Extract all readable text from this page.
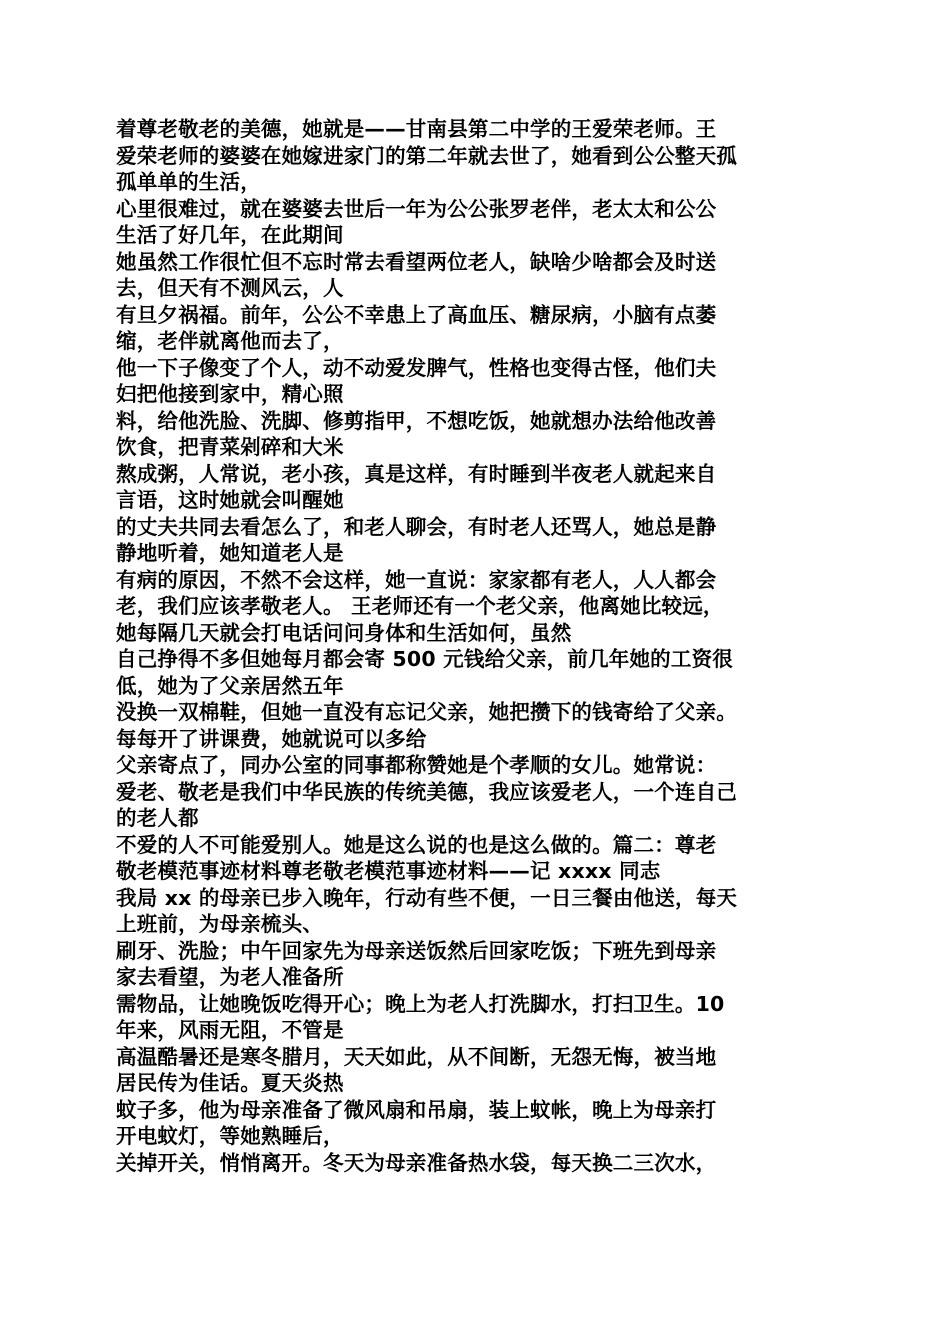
着尊老敬老的美德，她就是——甘南县第二中学的王爱荣老师。王
爱荣老师的婆婆在她嫁进家门的第二年就去世了，她看到公公整天孤
孤单单的生活，
心里很难过，就在婆婆去世后一年为公公张罗老伴，老太太和公公
生活了好几年，在此期间
她虽然工作很忙但不忘时常去看望两位老人，缺啥少啥都会及时送
去，但天有不测风云，人
有旦夕祸福。前年，公公不幸患上了高血压、糖尿病，小脑有点萎
缩，老伴就离他而去了，
他一下子像变了个人，动不动爱发脾气，性格也变得古怪，他们夫
妇把他接到家中，精心照
料，给他洗脸、洗脚、修剪指甲，不想吃饭，她就想办法给他改善
饮食，把青菜剁碎和大米
熬成粥，人常说，老小孩，真是这样，有时睡到半夜老人就起来自
言语，这时她就会叫醒她
的丈夫共同去看怎么了，和老人聊会，有时老人还骂人，她总是静
静地听着，她知道老人是
有病的原因，不然不会这样，她一直说：家家都有老人，人人都会
老，我们应该孝敬老人。 王老师还有一个老父亲，他离她比较远，
她每隔几天就会打电话问问身体和生活如何，虽然
自己挣得不多但她每月都会寄 500 元钱给父亲，前几年她的工资很
低，她为了父亲居然五年
没换一双棉鞋，但她一直没有忘记父亲，她把攒下的钱寄给了父亲。
每每开了讲课费，她就说可以多给
父亲寄点了，同办公室的同事都称赞她是个孝顺的女儿。她常说：
爱老、敬老是我们中华民族的传统美德，我应该爱老人，一个连自己
的老人都
不爱的人不可能爱别人。她是这么说的也是这么做的。篇二：尊老
敬老模范事迹材料尊老敬老模范事迹材料——记 xxxx 同志
我局 xx 的母亲已步入晚年，行动有些不便，一日三餐由他送，每天
上班前，为母亲梳头、
刷牙、洗脸；中午回家先为母亲送饭然后回家吃饭；下班先到母亲
家去看望，为老人准备所
需物品，让她晚饭吃得开心；晚上为老人打洗脚水，打扫卫生。10
年来，风雨无阻，不管是
高温酷暑还是寒冬腊月，天天如此，从不间断，无怨无悔，被当地
居民传为佳话。夏天炎热
蚊子多，他为母亲准备了微风扇和吊扇，装上蚊帐，晚上为母亲打
开电蚊灯，等她熟睡后，
关掉开关，悄悄离开。冬天为母亲准备热水袋，每天换二三次水，
